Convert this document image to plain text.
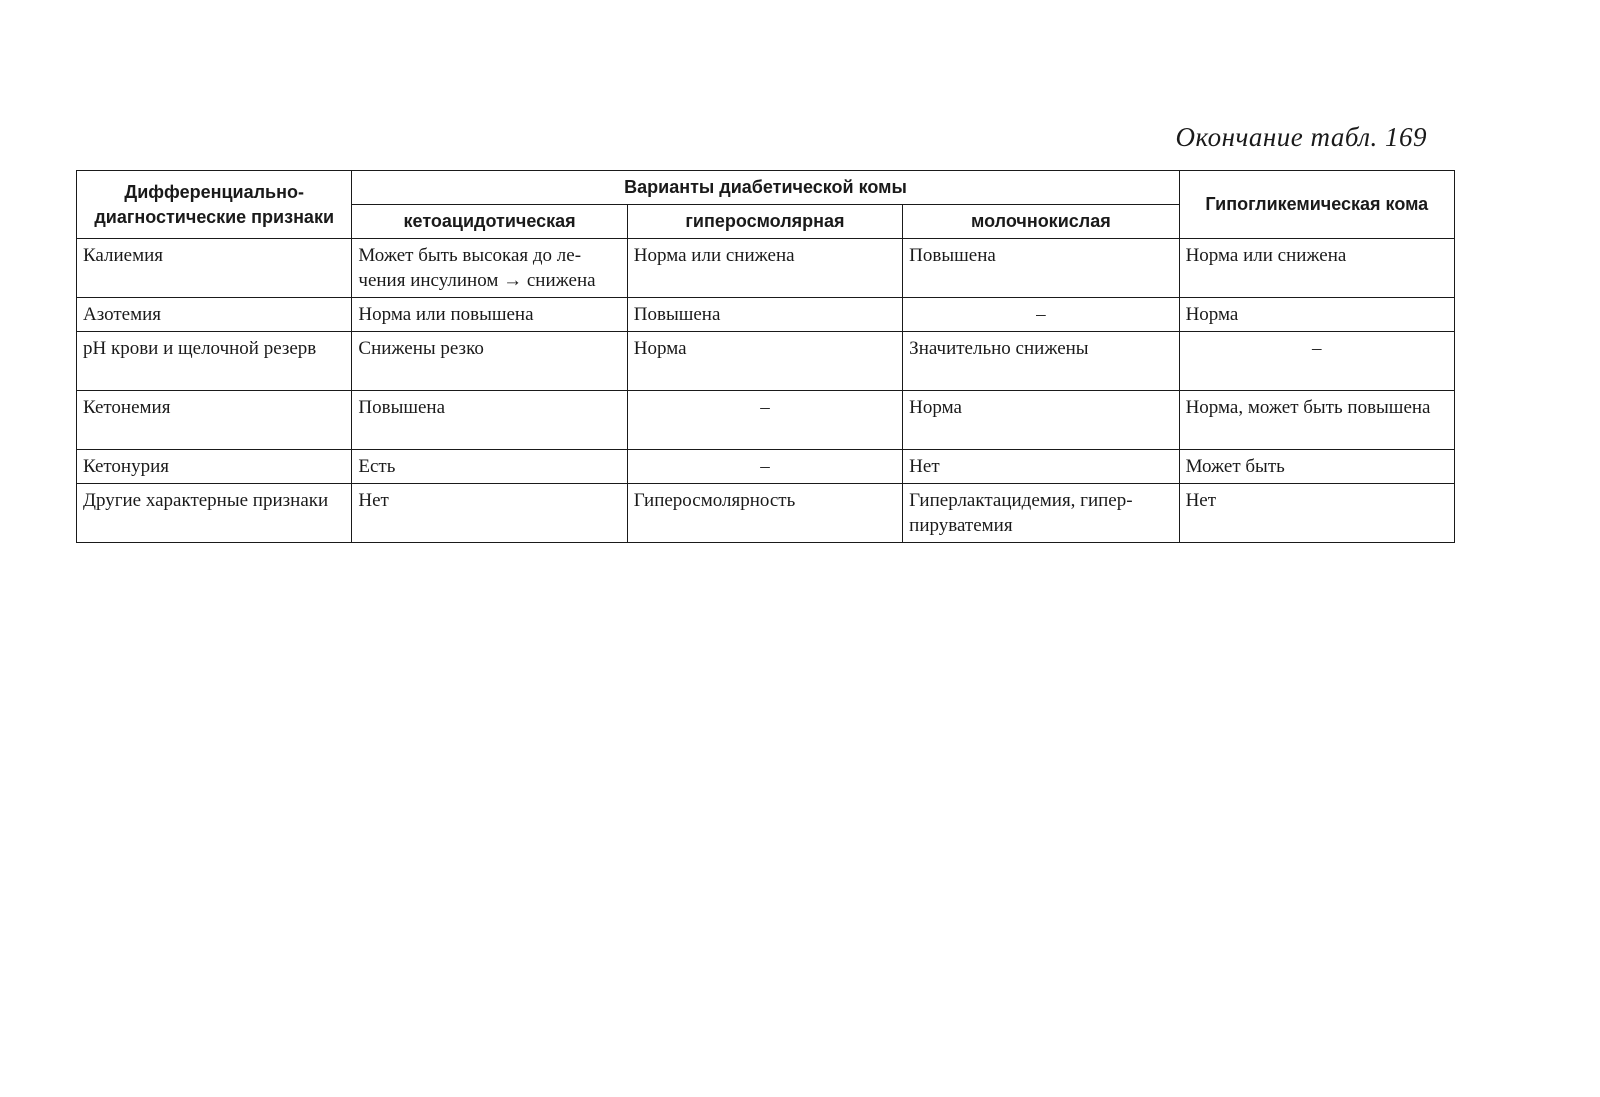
Окончание табл. 169
Дифференциально-диагностические признаки	Варианты диабетической комы			Гипогликемическая кома
	кетоацидотическая	гиперосмолярная	молочнокислая	
Калиемия	Может быть высокая до ле-чения инсулином → снижена	Норма или снижена	Повышена	Норма или снижена
Азотемия	Норма или повышена	Повышена	–	Норма
pH крови и щелочной резерв	Снижены резко	Норма	Значительно снижены	–
Кетонемия	Повышена	–	Норма	Норма, может быть повышена
Кетонурия	Есть	–	Нет	Может быть
Другие характерные признаки	Нет	Гиперосмолярность	Гиперлактацидемия, гипер-пируватемия	Нет
